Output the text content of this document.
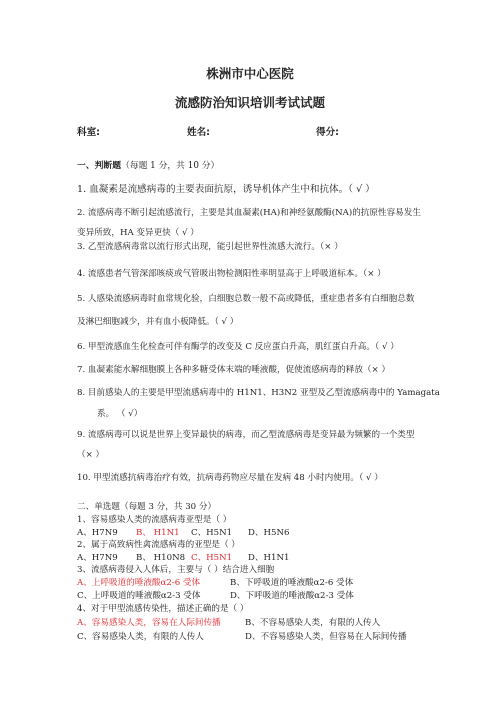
株洲市中心医院
流感防治知识培训考试试题
科室:	姓名:	得分:
一、判断题（每题 1 分，共 10 分）
1. 血凝素是流感病毒的主要表面抗原，诱导机体产生中和抗体。（ √ ）
2. 流感病毒不断引起流感流行，主要是其血凝素(HA)和神经氨酸酶(NA)的抗原性容易发生
变异所致，HA 变异更快（ √ ）
3. 乙型流感病毒常以流行形式出现，能引起世界性流感大流行。（× ）
4. 流感患者气管深部咳痰或气管吸出物检测阳性率明显高于上呼吸道标本。（× ）
5. 人感染流感病毒时血常规化验，白细胞总数一般不高或降低，重症患者多有白细胞总数
及淋巴细胞减少，并有血小板降低。（ √ ）
6. 甲型流感血生化检查可伴有酶学的改变及 C 反应蛋白升高，肌红蛋白升高。（ √ ）
7. 血凝素能水解细胞膜上各种多糖受体末端的唾液酸，促使流感病毒的释放（× ）
8. 目前感染人的主要是甲型流感病毒中的 H1N1、H3N2 亚型及乙型流感病毒中的 Yamagata
系。 （ √）
9. 流感病毒可以说是世界上变异最快的病毒，而乙型流感病毒是变异最为频繁的一个类型
（× ）
10. 甲型流感抗病毒治疗有效，抗病毒药物应尽量在发病 48 小时内使用。（ √ ）
二、单选题（每题 3 分，共 30 分）
1、容易感染人类的流感病毒亚型是（ ）
A、H7N9 B、 H1N1 C、H5N1 D、H5N6
2、属于高致病性禽流感病毒的亚型是（ ）
A、H7N9 B、 H10N8 C、H5N1 D、H1N1
3、流感病毒侵入人体后，主要与（ ）结合进入细胞
A、上呼吸道的唾液酸α2-6 受体	B、下呼吸道的唾液酸α2-6 受体
C、上呼吸道的唾液酸α2-3 受体	D、下呼吸道的唾液酸α2-3 受体
4、对于甲型流感传染性，描述正确的是（ ）
A、容易感染人类，容易在人际间传播	B、不容易感染人类，有限的人传人
C、容易感染人类，有限的人传人	D、不容易感染人类，但容易在人际间传播
